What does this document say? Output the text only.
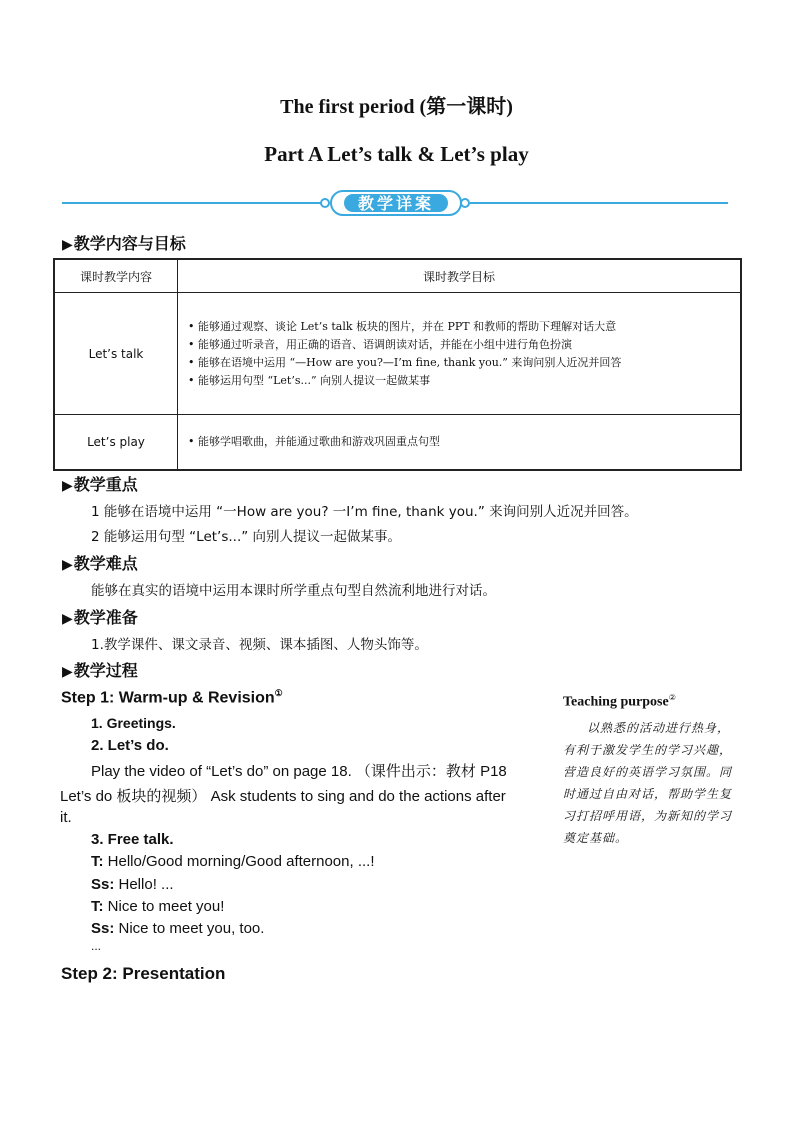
The first period (第一课时)
Part A Let’s talk & Let’s play
教学详案
▶教学内容与目标
课时教学内容	课时教学目标
Let’s talk	• 能够通过观察、谈论 Let’s talk 板块的图片，并在 PPT 和教师的帮助下理解对话大意
• 能够通过听录音，用正确的语音、语调朗读对话，并能在小组中进行角色扮演
• 能够在语境中运用 “—How are you?—I’m fine, thank you.” 来询问别人近况并回答
• 能够运用句型 “Let’s...” 向别人提议一起做某事

Let’s play	• 能够学唱歌曲，并能通过歌曲和游戏巩固重点句型
▶教学重点
1 能够在语境中运用 “一How are you? 一I’m fine, thank you.” 来询问别人近况并回答。
2 能够运用句型 “Let’s...” 向别人提议一起做某事。
▶教学难点
能够在真实的语境中运用本课时所学重点句型自然流利地进行对话。
▶教学准备
1.教学课件、课文录音、视频、课本插图、人物头饰等。
▶教学过程
Step 1: Warm-up & Revision①
1. Greetings.
2. Let’s do.
Play the video of “Let’s do” on page 18. （课件出示：教材 P18
Let’s do 板块的视频） Ask students to sing and do the actions after
it.
3. Free talk.
T: Hello/Good morning/Good afternoon, ...!
Ss: Hello! ...
T: Nice to meet you!
Ss: Nice to meet you, too.
...
Step 2: Presentation
Teaching purpose②
以熟悉的活动进行热身，有利于激发学生的学习兴趣，营造良好的英语学习氛围。同时通过自由对话，帮助学生复习打招呼用语，为新知的学习奠定基础。
